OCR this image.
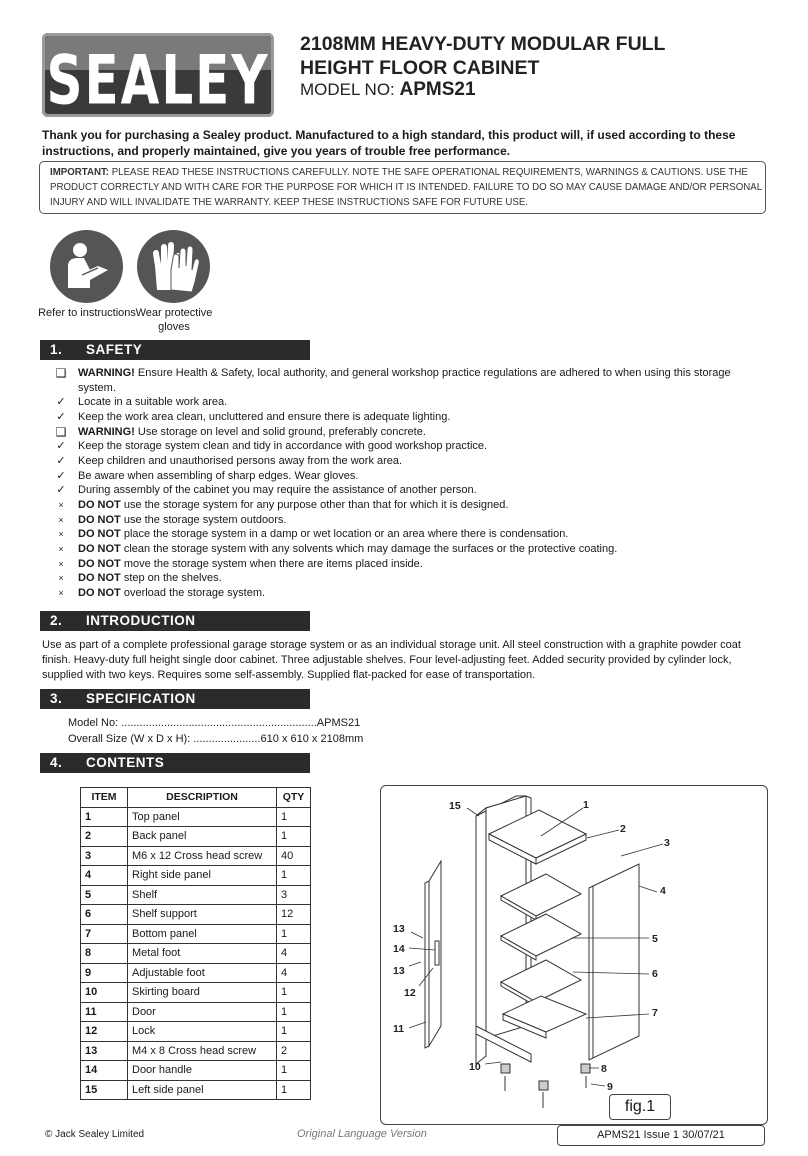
SEALEY 2108MM HEAVY-DUTY MODULAR FULL
HEIGHT FLOOR CABINET
MODEL NO: APMS21
Thank you for purchasing a Sealey product. Manufactured to a high standard, this product will, if used according to these instructions, and properly maintained, give you years of trouble free performance.
IMPORTANT: PLEASE READ THESE INSTRUCTIONS CAREFULLY. NOTE THE SAFE OPERATIONAL REQUIREMENTS, WARNINGS & CAUTIONS. USE THE PRODUCT CORRECTLY AND WITH CARE FOR THE PURPOSE FOR WHICH IT IS INTENDED. FAILURE TO DO SO MAY CAUSE DAMAGE AND/OR PERSONAL INJURY AND WILL INVALIDATE THE WARRANTY. KEEP THESE INSTRUCTIONS SAFE FOR FUTURE USE.
Refer to instructions Wear protective gloves
1. SAFETY
❑ WARNING! Ensure Health & Safety, local authority, and general workshop practice regulations are adhered to when using this storage system.
✓ Locate in a suitable work area.
✓ Keep the work area clean, uncluttered and ensure there is adequate lighting.
❑ WARNING! Use storage on level and solid ground, preferably concrete.
✓ Keep the storage system clean and tidy in accordance with good workshop practice.
✓ Keep children and unauthorised persons away from the work area.
✓ Be aware when assembling of sharp edges. Wear gloves.
✓ During assembly of the cabinet you may require the assistance of another person.
×	DO NOT use the storage system for any purpose other than that for which it is designed.
×	DO NOT use the storage system outdoors.
×	DO NOT place the storage system in a damp or wet location or an area where there is condensation.
×	DO NOT clean the storage system with any solvents which may damage the surfaces or the protective coating.
×	DO NOT move the storage system when there are items placed inside.
×	DO NOT step on the shelves.
×	DO NOT overload the storage system.
2. INTRODUCTION
Use as part of a complete professional garage storage system or as an individual storage unit. All steel construction with a graphite powder coat finish. Heavy-duty full height single door cabinet. Three adjustable shelves. Four level-adjusting feet. Added security provided by cylinder lock, supplied with two keys. Requires some self-assembly. Supplied flat-packed for ease of transportation.
3. SPECIFICATION
Model No: ................................................................APMS21
Overall Size (W x D x H): ......................610 x 610 x 2108mm
4. CONTENTS
ITEM	DESCRIPTION	QTY
1	Top panel	1
2	Back panel	1
3	M6 x 12 Cross head screw	40
4	Right side panel	1
5	Shelf	3
6	Shelf support	12
7	Bottom panel	1
8	Metal foot	4
9	Adjustable foot	4
10	Skirting board	1
11	Door	1
12	Lock	1
13	M4 x 8 Cross head screw	2
14	Door handle	1
15	Left side panel	1
15	1
2
3
4
5
6
7
8
9
10
11
12
13
14
13
fig.1
© Jack Sealey Limited	Original Language Version	APMS21 Issue 1 30/07/21
